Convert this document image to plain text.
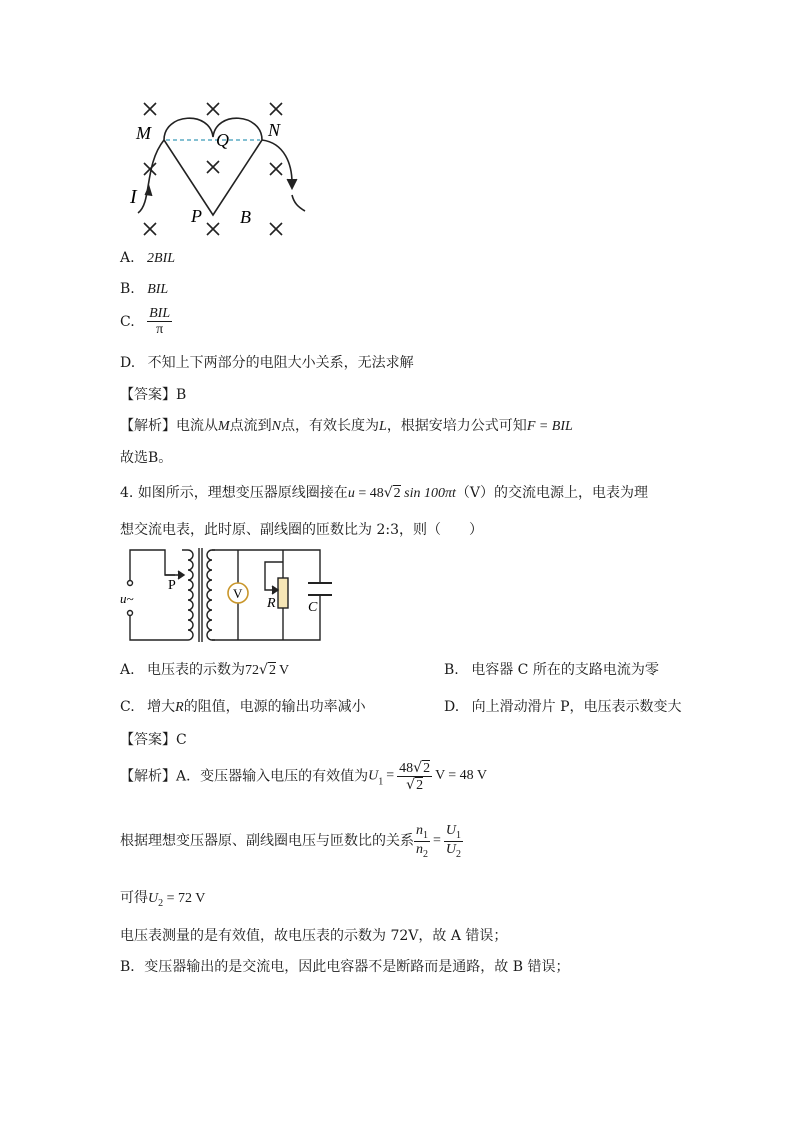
M	Q N
I
P B
A. 2BIL
B. BIL
C. $\frac{\text{BIL}}{\pi}$
D. 不知上下两部分的电阻大小关系，无法求解
【答案】B
【解析】电流从M点流到N点，有效长度为L，根据安培力公式可知F = BIL
故选B。
4. 如图所示，理想变压器原线圈接在u = 48√2 sin 100πt（V）的交流电源上，电表为理
想交流电表，此时原、副线圈的匝数比为 2:3，则（　　）
P
u~	V
R C
A. 电压表的示数为72√2 V	B. 电容器 C 所在的支路电流为零
C. 增大R的阻值，电源的输出功率减小	D. 向上滑动滑片 P，电压表示数变大
【答案】C
【解析】A．变压器输入电压的有效值为$U_1 = \frac{48√2}{√2}$ V = 48 V
根据理想变压器原、副线圈电压与匝数比的关系 $\frac{n_1}{n_2} = \frac{U_1}{U_2}$
可得$U_2 = 72$ V
电压表测量的是有效值，故电压表的示数为 72V，故 A 错误；
B．变压器输出的是交流电，因此电容器不是断路而是通路，故 B 错误；
